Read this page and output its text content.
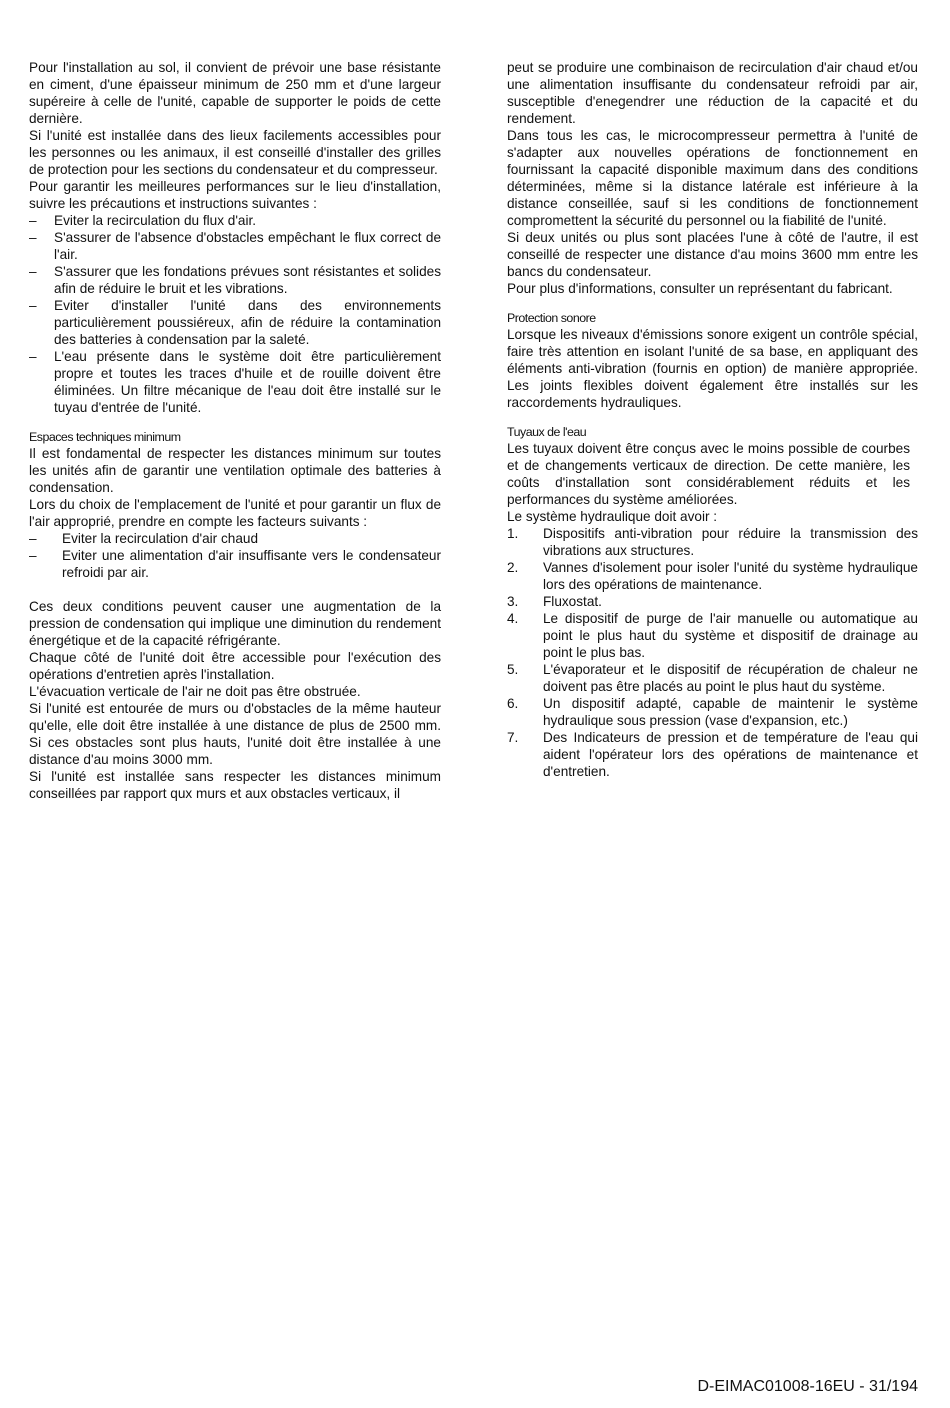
Pour l'installation au sol, il convient de prévoir une base résistante en ciment, d'une épaisseur minimum de 250 mm et d'une largeur supéreire à celle de l'unité, capable de supporter le poids de cette dernière.

Si l'unité est installée dans des lieux facilements accessibles pour les personnes ou les animaux, il est conseillé d'installer des grilles de protection pour les sections du condensateur et du compresseur.

Pour garantir les meilleures performances sur le lieu d'installation, suivre les précautions et instructions suivantes :

– Eviter la recirculation du flux d'air.
– S'assurer de l'absence d'obstacles empêchant le flux correct de l'air.
– S'assurer que les fondations prévues sont résistantes et solides afin de réduire le bruit et les vibrations.
– Eviter d'installer l'unité dans des environnements particulièrement poussiéreux, afin de réduire la contamination des batteries à condensation par la saleté.
– L'eau présente dans le système doit être particulièrement propre et toutes les traces d'huile et de rouille doivent être éliminées. Un filtre mécanique de l'eau doit être installé sur le tuyau d'entrée de l'unité.
Espaces techniques minimum

Il est fondamental de respecter les distances minimum sur toutes les unités afin de garantir une ventilation optimale des batteries à condensation.

Lors du choix de l'emplacement de l'unité et pour garantir un flux de l'air approprié, prendre en compte les facteurs suivants :

– Eviter la recirculation d'air chaud
– Eviter une alimentation d'air insuffisante vers le condensateur refroidi par air.

Ces deux conditions peuvent causer une augmentation de la pression de condensation qui implique une diminution du rendement énergétique et de la capacité réfrigérante.

Chaque côté de l'unité doit être accessible pour l'exécution des opérations d'entretien après l'installation.

L'évacuation verticale de l'air ne doit pas être obstruée.

Si l'unité est entourée de murs ou d'obstacles de la même hauteur qu'elle, elle doit être installée à une distance de plus de 2500 mm. Si ces obstacles sont plus hauts, l'unité doit être installée à une distance d'au moins 3000 mm.

Si l'unité est installée sans respecter les distances minimum conseillées par rapport qux murs et aux obstacles verticaux, il

peut se produire une combinaison de recirculation d'air chaud et/ou une alimentation insuffisante du condensateur refroidi par air, susceptible d'enegendrer une réduction de la capacité et du rendement.

Dans tous les cas, le microcompresseur permettra à l'unité de s'adapter aux nouvelles opérations de fonctionnement en fournissant la capacité disponible maximum dans des conditions déterminées, même si la distance latérale est inférieure à la distance conseillée, sauf si les conditions de fonctionnement compromettent la sécurité du personnel ou la fiabilité de l'unité.

Si deux unités ou plus sont placées l'une à côté de l'autre, il est conseillé de respecter une distance d'au moins 3600 mm entre les bancs du condensateur.

Pour plus d'informations, consulter un représentant du fabricant.

Protection sonore

Lorsque les niveaux d'émissions sonore exigent un contrôle spécial, faire très attention en isolant l'unité de sa base, en appliquant des éléments anti-vibration (fournis en option) de manière appropriée. Les joints flexibles doivent également être installés sur les raccordements hydrauliques.

Tuyaux de l'eau

Les tuyaux doivent être conçus avec le moins possible de courbes et de changements verticaux de direction. De cette manière, les coûts d'installation sont considérablement réduits et les performances du système améliorées.

Le système hydraulique doit avoir :

1. Dispositifs anti-vibration pour réduire la transmission des vibrations aux structures.
2. Vannes d'isolement pour isoler l'unité du système hydraulique lors des opérations de maintenance.
3. Fluxostat.
4. Le dispositif de purge de l'air manuelle ou automatique au point le plus haut du système et dispositif de drainage au point le plus bas.
5. L'évaporateur et le dispositif de récupération de chaleur ne doivent pas être placés au point le plus haut du système.
6. Un dispositif adapté, capable de maintenir le système hydraulique sous pression (vase d'expansion, etc.)
7. Des Indicateurs de pression et de température de l'eau qui aident l'opérateur lors des opérations de maintenance et d'entretien.
D-EIMAC01008-16EU - 31/194
